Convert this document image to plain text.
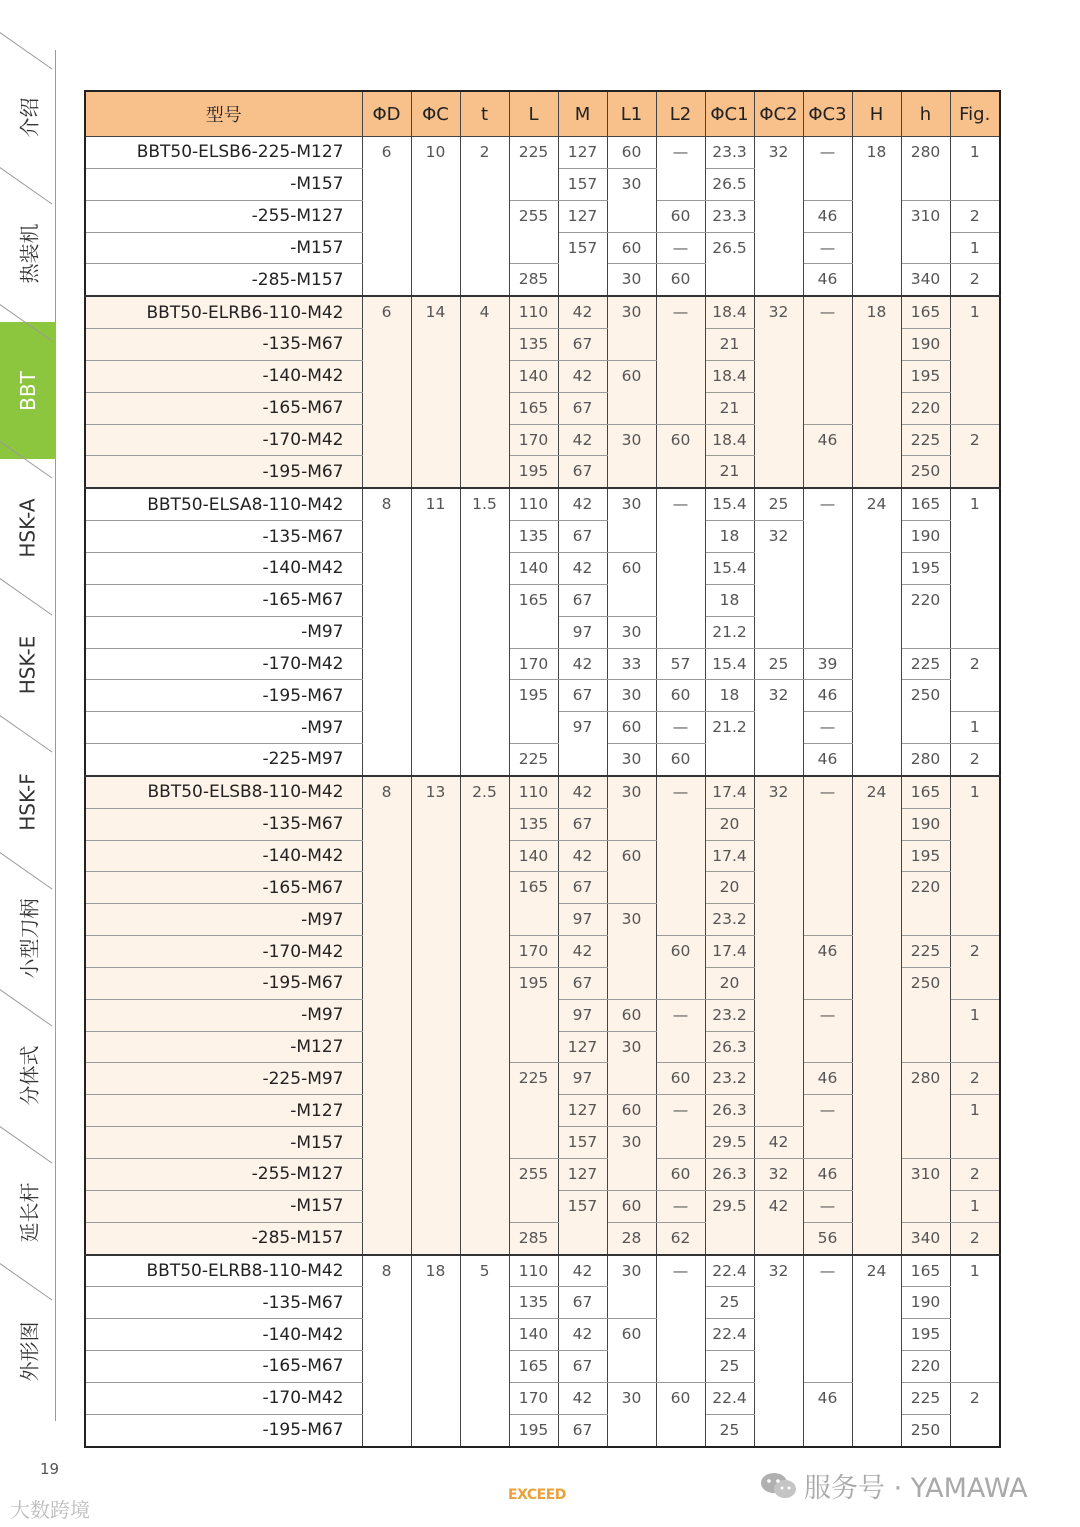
介绍
热装机
BBT
HSK-A
HSK-E
HSK-F
小型刀柄
分体式
延长杆
外形图
型号	ΦD	ΦC	t	L	M	L1	L2	ΦC1	ΦC2	ΦC3	H	h	Fig.
BBT50-ELSB6-225-M127	6	10	2	225	127	60	—	23.3	32	—	18	280	1
-M157					157	30		26.5					
-255-M127				255	127		60	23.3		46		310	2
-M157					157	60	—	26.5		—			1
-285-M157				285		30	60			46		340	2
BBT50-ELRB6-110-M42	6	14	4	110	42	30	—	18.4	32	—	18	165	1
-135-M67				135	67			21				190	
-140-M42				140	42	60		18.4				195	
-165-M67				165	67			21				220	
-170-M42				170	42	30	60	18.4		46		225	2
-195-M67				195	67			21				250	
BBT50-ELSA8-110-M42	8	11	1.5	110	42	30	—	15.4	25	—	24	165	1
-135-M67				135	67			18	32			190	
-140-M42				140	42	60		15.4				195	
-165-M67				165	67			18				220	
-M97					97	30		21.2					
-170-M42				170	42	33	57	15.4	25	39		225	2
-195-M67				195	67	30	60	18	32	46		250	
-M97					97	60	—	21.2		—			1
-225-M97				225		30	60			46		280	2
BBT50-ELSB8-110-M42	8	13	2.5	110	42	30	—	17.4	32	—	24	165	1
-135-M67				135	67			20				190	
-140-M42				140	42	60		17.4				195	
-165-M67				165	67			20				220	
-M97					97	30		23.2					
-170-M42				170	42		60	17.4		46		225	2
-195-M67				195	67			20				250	
-M97					97	60	—	23.2		—			1
-M127					127	30		26.3					
-225-M97				225	97		60	23.2		46		280	2
-M127					127	60	—	26.3		—			1
-M157					157	30		29.5	42				
-255-M127				255	127		60	26.3	32	46		310	2
-M157					157	60	—	29.5	42	—			1
-285-M157				285		28	62			56		340	2
BBT50-ELRB8-110-M42	8	18	5	110	42	30	—	22.4	32	—	24	165	1
-135-M67				135	67			25				190	
-140-M42				140	42	60		22.4				195	
-165-M67				165	67			25				220	
-170-M42				170	42	30	60	22.4		46		225	2
-195-M67				195	67			25				250	
19
EXCEED
大数跨境
服务号 · YAMAWA
